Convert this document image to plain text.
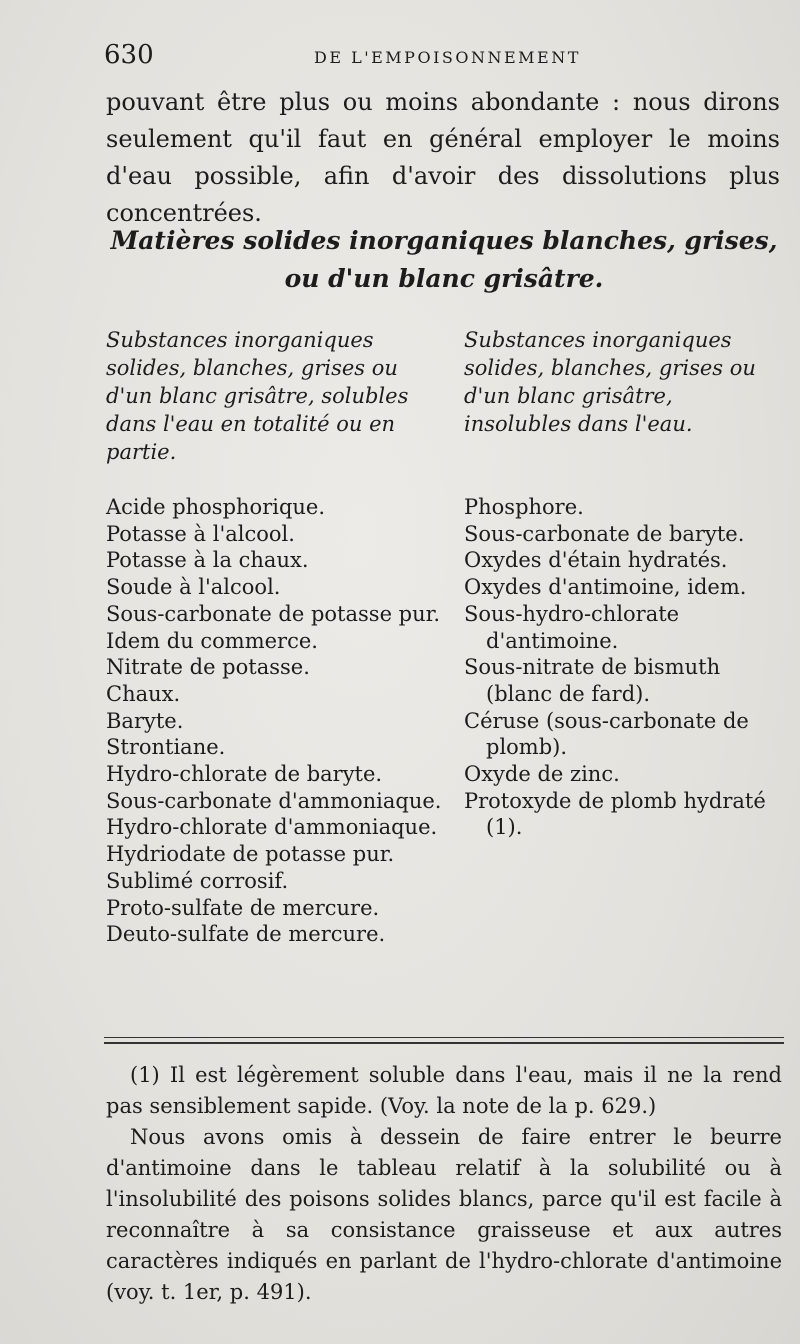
630	DE L'EMPOISONNEMENT

pouvant être plus ou moins abondante : nous dirons seulement qu'il faut en général employer le moins d'eau possible, afin d'avoir des dissolutions plus concentrées.

Matières solides inorganiques blanches, grises, ou d'un blanc grisâtre.

Substances inorganiques solides, blanches, grises ou d'un blanc grisâtre, solubles dans l'eau en totalité ou en partie.

Substances inorganiques solides, blanches, grises ou d'un blanc grisâtre, insolubles dans l'eau.

Acide phosphorique.
Potasse à l'alcool.
Potasse à la chaux.
Soude à l'alcool.
Sous-carbonate de potasse pur.
Idem du commerce.
Nitrate de potasse.
Chaux.
Baryte.
Strontiane.
Hydro-chlorate de baryte.
Sous-carbonate d'ammoniaque.
Hydro-chlorate d'ammoniaque.
Hydriodate de potasse pur.
Sublimé corrosif.
Proto-sulfate de mercure.
Deuto-sulfate de mercure.
Phosphore.
Sous-carbonate de baryte.
Oxydes d'étain hydratés.
Oxydes d'antimoine, idem.
Sous-hydro-chlorate d'antimoine.
Sous-nitrate de bismuth (blanc de fard).
Céruse (sous-carbonate de plomb).
Oxyde de zinc.
Protoxyde de plomb hydraté (1).

(1) Il est légèrement soluble dans l'eau, mais il ne la rend pas sensiblement sapide. (Voy. la note de la p. 629.)

Nous avons omis à dessein de faire entrer le beurre d'antimoine dans le tableau relatif à la solubilité ou à l'insolubilité des poisons solides blancs, parce qu'il est facile à reconnaître à sa consistance graisseuse et aux autres caractères indiqués en parlant de l'hydro-chlorate d'antimoine (voy. t. 1er, p. 491).
